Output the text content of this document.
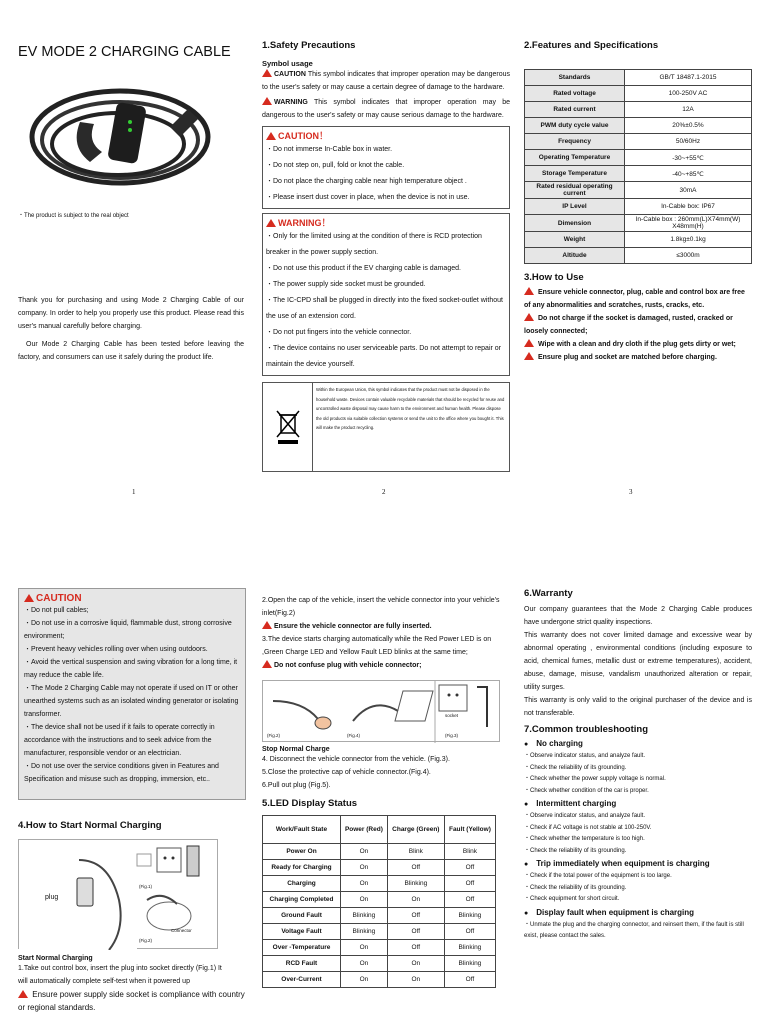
EV MODE 2 CHARGING CABLE
・The product is subject to the real object

Thank you for purchasing and using Mode 2 Charging Cable of our company. In order to help you properly use this product. Please read this user's manual carefully before charging.

Our Mode 2 Charging Cable has been tested before leaving the factory, and consumers can use it safely during the product life.

1
1.Safety Precautions
Symbol usage

CAUTION This symbol indicates that improper operation may be dangerous to the user's safety or may cause a certain degree of damage to the hardware.

WARNING This symbol indicates that improper operation may be dangerous to the user's safety or may cause serious damage to the hardware.

CAUTION！
・Do not immerse In-Cable box in water.
・Do not step on, pull, fold or knot the cable.
・Do not place the charging cable near high temperature object .
・Please insert dust cover in place, when the device is not in use.
WARNING！
・Only for the limited using at the condition of there is RCD protection breaker in the power supply section.
・Do not use this product if the EV charging cable is damaged.
・The power supply side socket must be grounded.
・The IC-CPD shall be plugged in directly into the fixed socket-outlet without the use of an extension cord.
・Do not put fingers into the vehicle connector.
・The device contains no user serviceable parts. Do not attempt to repair or maintain the device yourself.
Within the European Union, this symbol indicates that the product must not be disposed in the household waste. Devices contain valuable recyclable materials that should be recycled for reuse and uncontrolled waste disposal may cause harm to the environment and human health. Please dispose the old products via suitable collection systems or send the unit to the office where you bought it. This will make the product recycling.
2
2.Features and Specifications
Standards	GB/T 18487.1-2015
Rated voltage	100-250V AC
Rated current	12A
PWM duty cycle value	20%±0.5%
Frequency	50/60Hz
Operating Temperature	-30~+55℃
Storage Temperature	-40~+85℃
Rated residual operating current	30mA
IP Level	In-Cable box: IP67
Dimension	In-Cable box : 260mm(L)X74mm(W) X48mm(H)
Weight	1.8kg±0.1kg
Altitude	≤3000m
3.How to Use

Ensure vehicle connector, plug, cable and control box are free of any abnormalities and scratches, rusts, cracks, etc.

Do not charge if the socket is damaged, rusted, cracked or loosely connected;

Wipe with a clean and dry cloth if the plug gets dirty or wet;

Ensure plug and socket are matched before charging.

3
CAUTION
・Do not pull cables;
・Do not use in a corrosive liquid, flammable dust, strong corrosive environment;
・Prevent heavy vehicles rolling over when using outdoors.
・Avoid the vertical suspension and swing vibration for a long time, it may reduce the cable life.
・The Mode 2 Charging Cable may not operate if used on IT or other unearthed systems such as an isolated winding generator or isolating transformer.
・The device shall not be used if it fails to operate correctly in accordance with the instructions and to seek advice from the manufacturer, responsible vendor or an electrician.
・Do not use over the service conditions given in Features and Specification and misuse such as dropping, immersion, etc..
4.How to Start Normal Charging
plug
(Fig.1)
Connector
(Fig.2)
Start Normal Charging

1.Take out control box, insert the plug into socket directly (Fig.1) It will automatically complete self-test when it powered up

Ensure power supply side socket is compliance with country or regional standards.

2.Open the cap of the vehicle, insert the vehicle connector into your vehicle's inlet(Fig.2)

Ensure the vehicle connector are fully inserted.

3.The device starts charging automatically while the Red Power LED is on ,Green Charge LED and Yellow Fault LED blinks at the same time;

Do not confuse plug with vehicle connector;

(Fig.2)	(Fig.4)
socket
(Fig.3)
Stop Normal Charge
4. Disconnect the vehicle connector from the vehicle. (Fig.3).
5.Close the protective cap of vehicle connector.(Fig.4).
6.Pull out plug (Fig.5).
5.LED Display Status
Work/Fault State	Power (Red)	Charge (Green)	Fault (Yellow)
Power On	On	Blink	Blink
Ready for Charging	On	Off	Off
Charging	On	Blinking	Off
Charging Completed	On	On	Off
Ground Fault	Blinking	Off	Blinking
Voltage Fault	Blinking	Off	Off
Over -Temperature	On	Off	Blinking
RCD Fault	On	On	Blinking
Over-Current	On	On	Off
6.Warranty

Our company guarantees that the Mode 2 Charging Cable produces have undergone strict quality inspections.

This warranty does not cover limited damage and excessive wear by abnormal operating , environmental conditions (including exposure to acid, chemical fumes, metallic dust or extreme temperatures), accident, abuse, damage, misuse, vandalism unauthorized alteration or repair, utility surges.

This warranty is only valid to the original purchaser of the device and is not transferable.

7.Common troubleshooting
● No charging
・Observe indicator status, and analyze fault.
・Check the reliability of its grounding.
・Check whether the power supply voltage is normal.
・Check whether condition of the car is proper.
● Intermittent charging
・Observe indicator status, and analyze fault.
・Check if AC voltage is not stable at 100-250V.
・Check whether the temperature is too high.
・Check the reliability of its grounding.
● Trip immediately when equipment is charging
・Check if the total power of the equipment is too large.
・Check the reliability of its grounding.
・Check equipment for short circuit.
● Display fault when equipment is charging
・Unmate the plug and the charging connector, and reinsert them, if the fault is still exist, please contact the sales.
